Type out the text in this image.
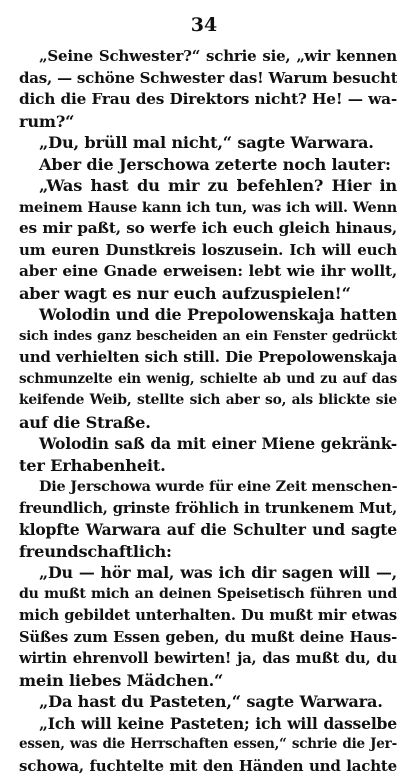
34
„Seine Schwester?“ schrie sie, „wir kennen
das, — schöne Schwester das! Warum besucht
dich die Frau des Direktors nicht? He! — wa-
rum?“
„Du, brüll mal nicht,“ sagte Warwara.
Aber die Jerschowa zeterte noch lauter:
„Was hast du mir zu befehlen? Hier in
meinem Hause kann ich tun, was ich will. Wenn
es mir paßt, so werfe ich euch gleich hinaus,
um euren Dunstkreis loszusein. Ich will euch
aber eine Gnade erweisen: lebt wie ihr wollt,
aber wagt es nur euch aufzuspielen!“
Wolodin und die Prepolowenskaja hatten
sich indes ganz bescheiden an ein Fenster gedrückt
und verhielten sich still. Die Prepolowenskaja
schmunzelte ein wenig, schielte ab und zu auf das
keifende Weib, stellte sich aber so, als blickte sie
auf die Straße.
Wolodin saß da mit einer Miene gekränk-
ter Erhabenheit.
Die Jerschowa wurde für eine Zeit menschen-
freundlich, grinste fröhlich in trunkenem Mut,
klopfte Warwara auf die Schulter und sagte
freundschaftlich:
„Du — hör mal, was ich dir sagen will —,
du mußt mich an deinen Speisetisch führen und
mich gebildet unterhalten. Du mußt mir etwas
Süßes zum Essen geben, du mußt deine Haus-
wirtin ehrenvoll bewirten! ja, das mußt du, du
mein liebes Mädchen.“
„Da hast du Pasteten,“ sagte Warwara.
„Ich will keine Pasteten; ich will dasselbe
essen, was die Herrschaften essen,“ schrie die Jer-
schowa, fuchtelte mit den Händen und lachte
